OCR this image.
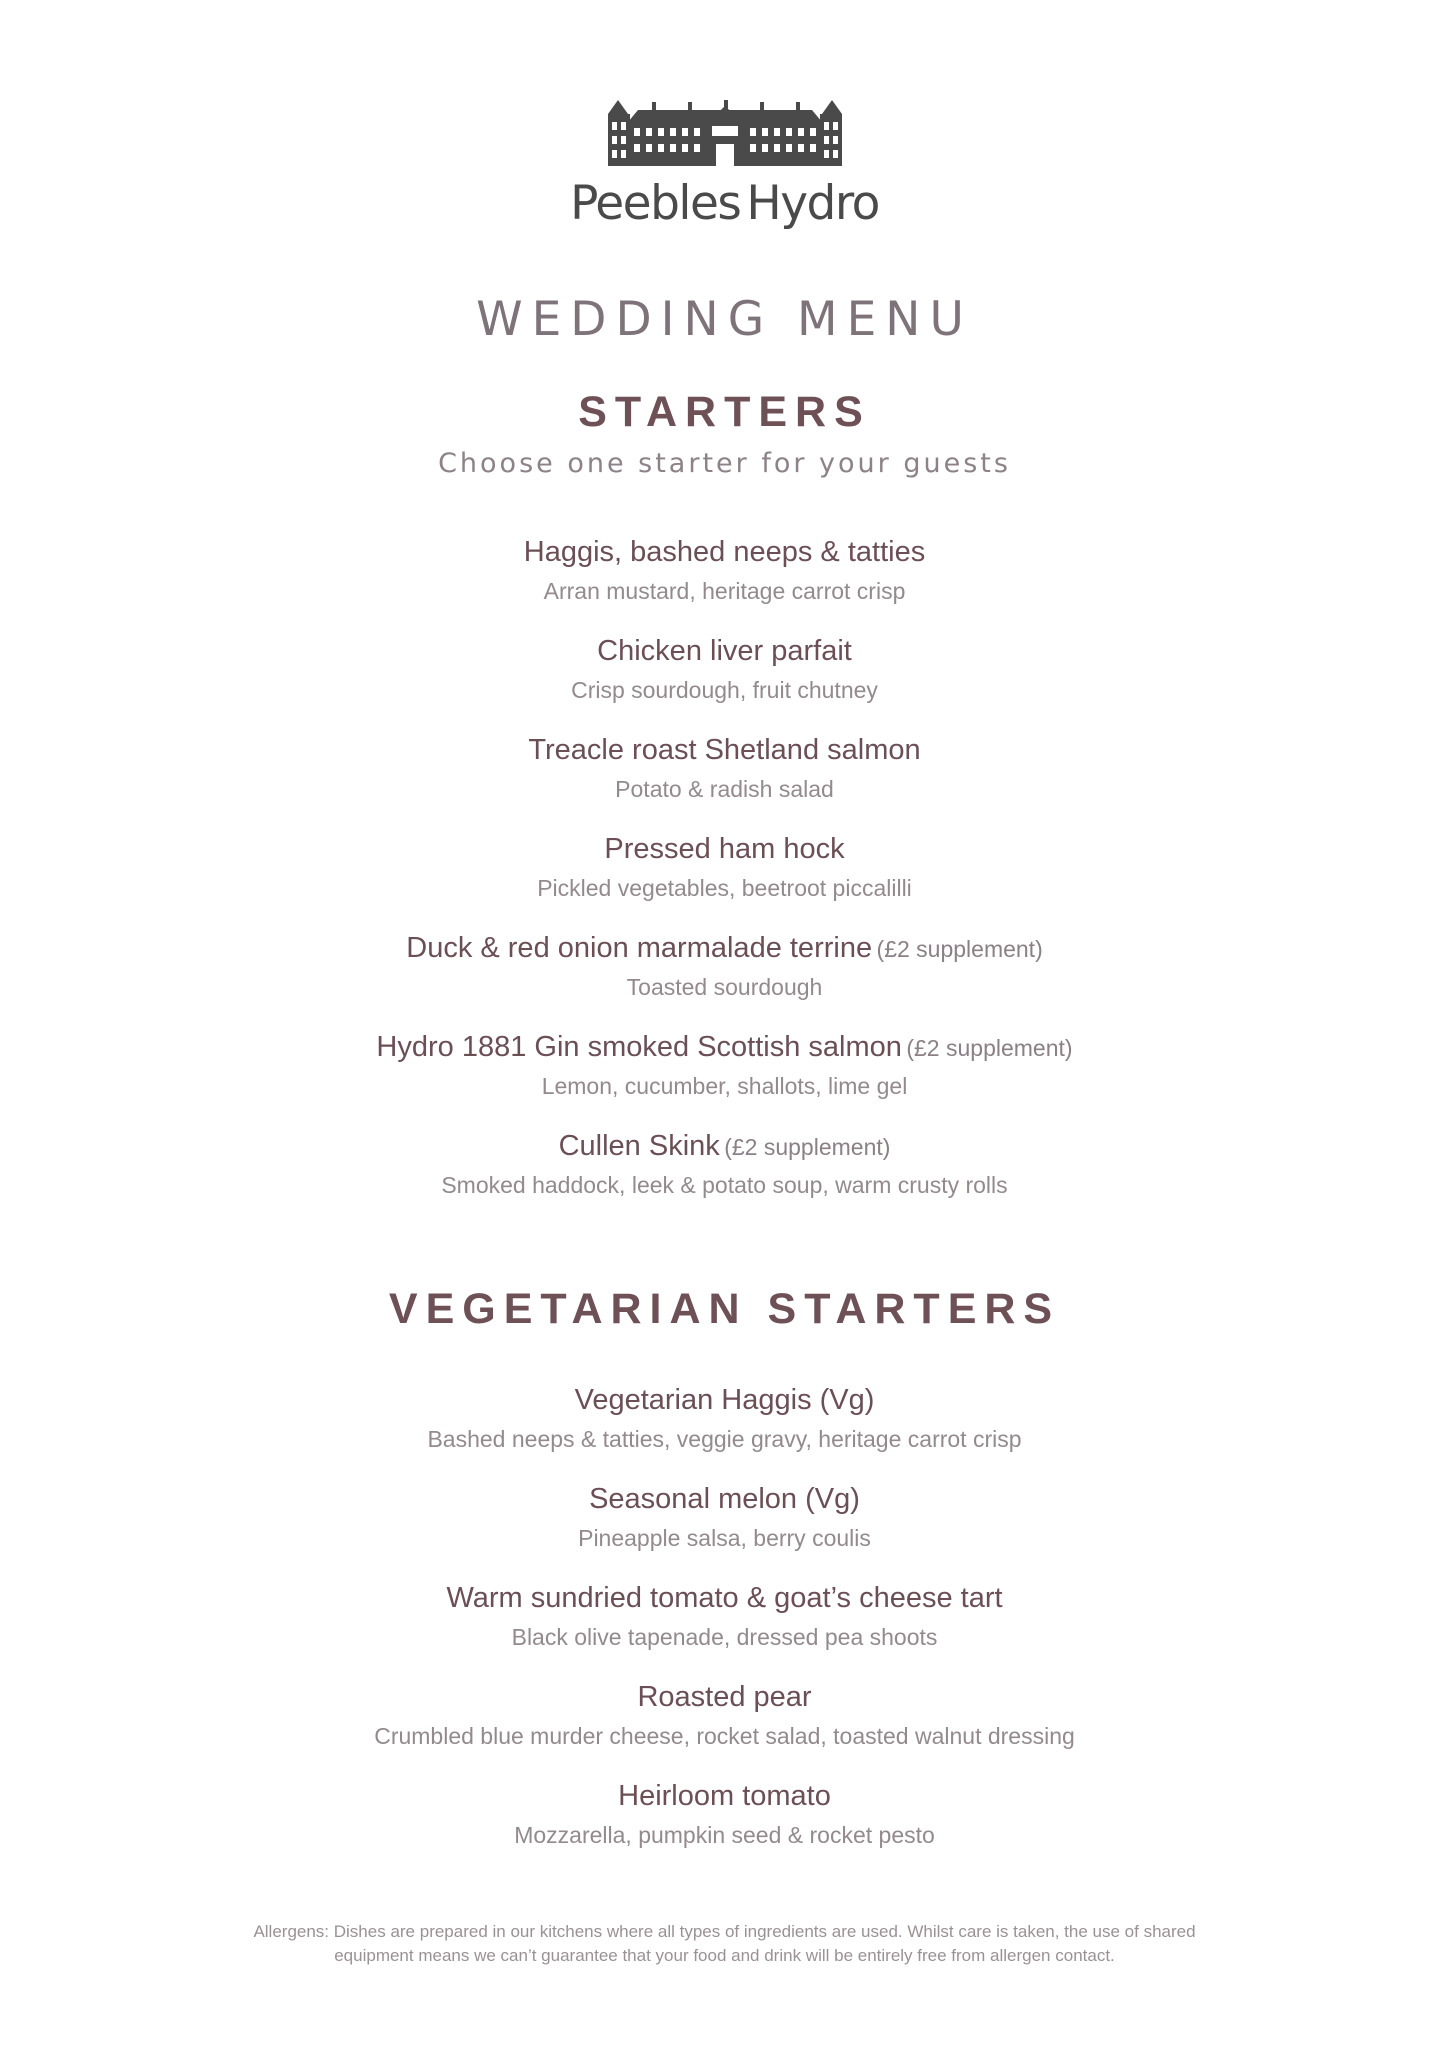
Peebles Hydro
WEDDING MENU
STARTERS

Choose one starter for your guests

Haggis, bashed neeps & tatties
Arran mustard, heritage carrot crisp
Chicken liver parfait
Crisp sourdough, fruit chutney
Treacle roast Shetland salmon
Potato & radish salad
Pressed ham hock
Pickled vegetables, beetroot piccalilli
Duck & red onion marmalade terrine (£2 supplement)
Toasted sourdough
Hydro 1881 Gin smoked Scottish salmon (£2 supplement)
Lemon, cucumber, shallots, lime gel
Cullen Skink (£2 supplement)
Smoked haddock, leek & potato soup, warm crusty rolls
VEGETARIAN STARTERS
Vegetarian Haggis (Vg)
Bashed neeps & tatties, veggie gravy, heritage carrot crisp
Seasonal melon (Vg)
Pineapple salsa, berry coulis
Warm sundried tomato & goat’s cheese tart
Black olive tapenade, dressed pea shoots
Roasted pear
Crumbled blue murder cheese, rocket salad, toasted walnut dressing
Heirloom tomato
Mozzarella, pumpkin seed & rocket pesto

Allergens: Dishes are prepared in our kitchens where all types of ingredients are used. Whilst care is taken, the use of shared
equipment means we can’t guarantee that your food and drink will be entirely free from allergen contact.
